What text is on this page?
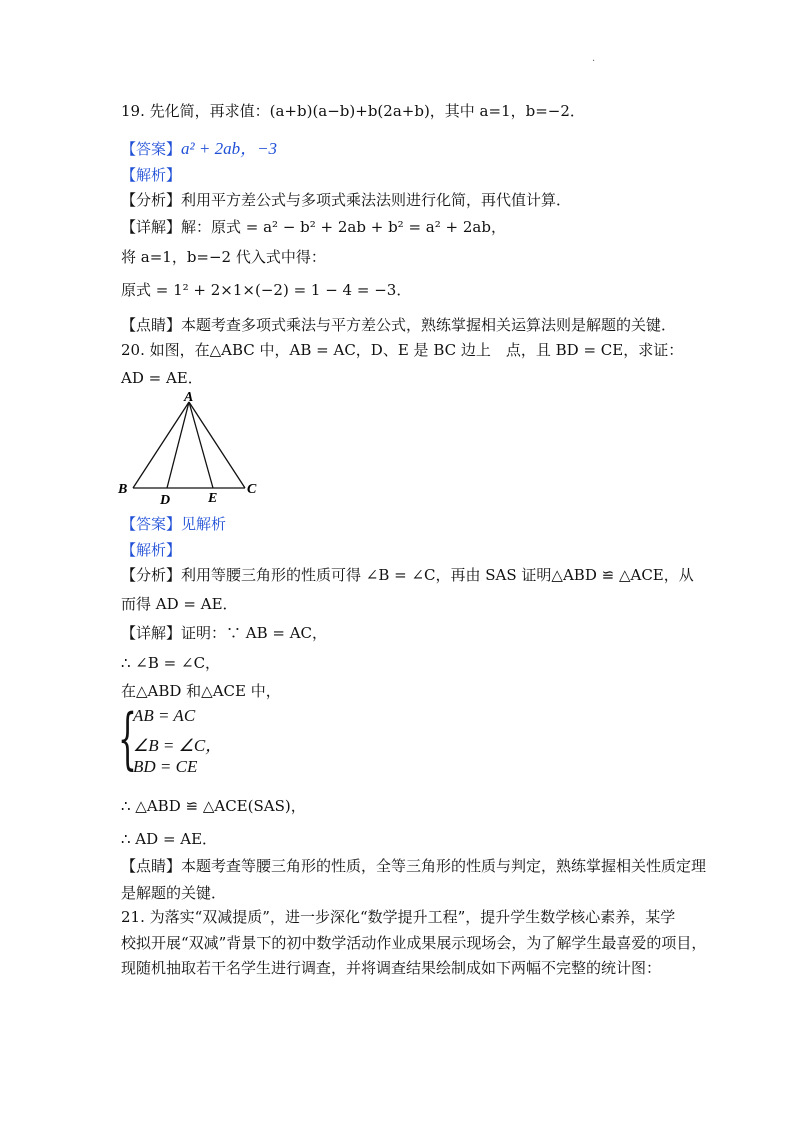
·
19. 先化简，再求值：(a+b)(a−b)+b(2a+b)，其中 a=1，b=−2．
【答案】a² + 2ab，−3
【解析】
【分析】利用平方差公式与多项式乘法法则进行化简，再代值计算．
【详解】解：原式 = a² − b² + 2ab + b² = a² + 2ab，
将 a=1，b=−2 代入式中得：
原式 = 1² + 2×1×(−2) = 1 − 4 = −3．
【点睛】本题考查多项式乘法与平方差公式，熟练掌握相关运算法则是解题的关键．
20. 如图，在△ABC 中，AB = AC，D、E 是 BC 边上　点，且 BD = CE，求证：
AD = AE．
A
B	C
D	E
【答案】见解析
【解析】
【分析】利用等腰三角形的性质可得 ∠B = ∠C，再由 SAS 证明△ABD ≌ △ACE，从
而得 AD = AE．
【详解】证明：∵ AB = AC，
∴ ∠B = ∠C，
在△ABD 和△ACE 中，
{
AB = AC
∠B = ∠C，
BD = CE
∴ △ABD ≌ △ACE(SAS)，
∴ AD = AE．
【点睛】本题考查等腰三角形的性质，全等三角形的性质与判定，熟练掌握相关性质定理
是解题的关键．
21. 为落实“双减提质”，进一步深化“数学提升工程”，提升学生数学核心素养，某学
校拟开展“双减”背景下的初中数学活动作业成果展示现场会，为了解学生最喜爱的项目，
现随机抽取若干名学生进行调查，并将调查结果绘制成如下两幅不完整的统计图：
